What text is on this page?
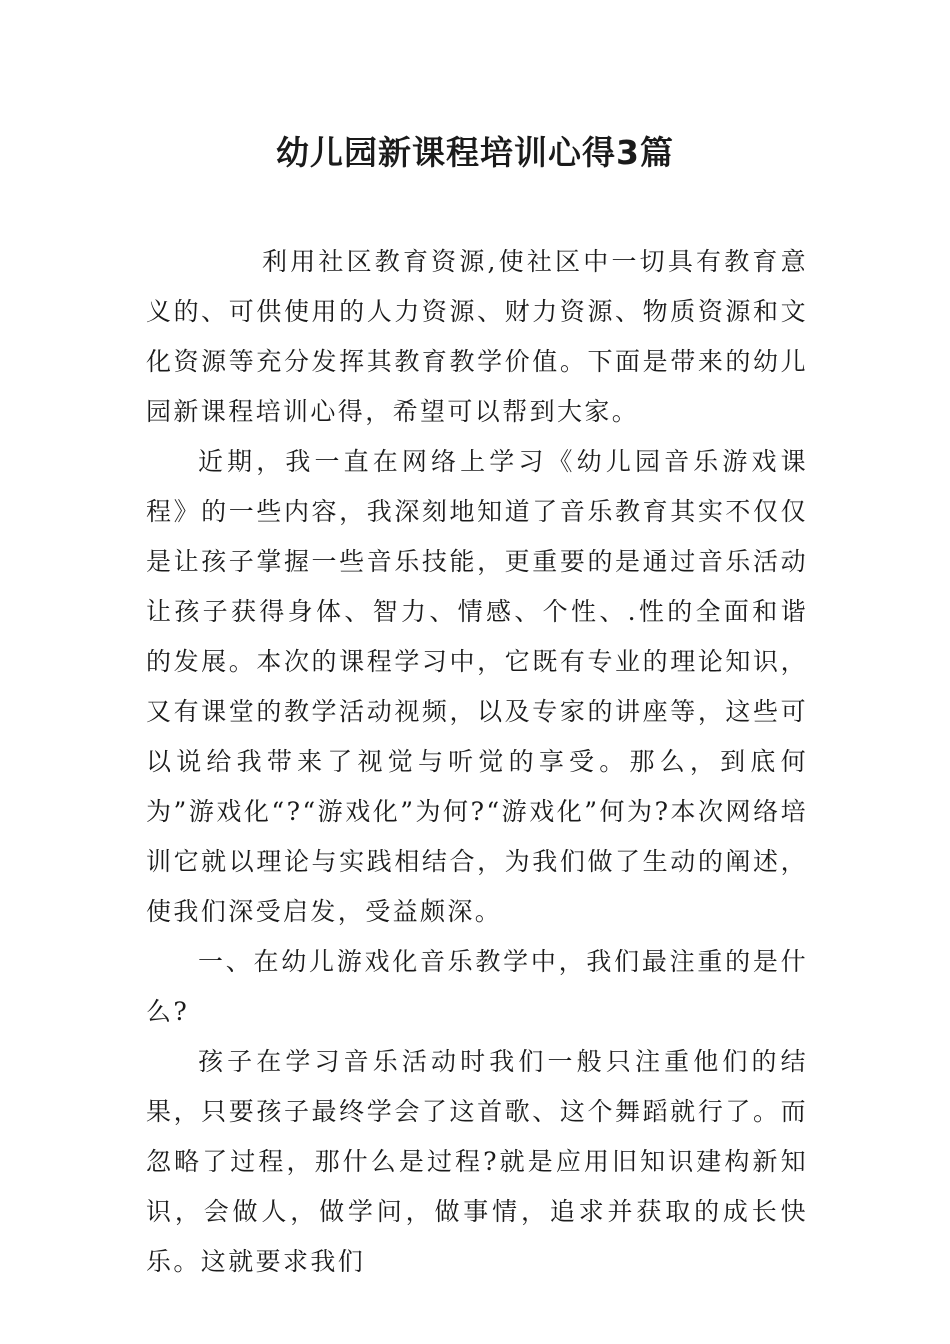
幼儿园新课程培训心得3篇

利用社区教育资源,使社区中一切具有教育意义的、可供使用的人力资源、财力资源、物质资源和文化资源等充分发挥其教育教学价值。下面是带来的幼儿园新课程培训心得，希望可以帮到大家。

近期，我一直在网络上学习《幼儿园音乐游戏课程》的一些内容，我深刻地知道了音乐教育其实不仅仅是让孩子掌握一些音乐技能，更重要的是通过音乐活动让孩子获得身体、智力、情感、个性、.性的全面和谐的发展。本次的课程学习中，它既有专业的理论知识，又有课堂的教学活动视频，以及专家的讲座等，这些可以说给我带来了视觉与听觉的享受。那么，到底何为”游戏化“?“游戏化”为何?“游戏化”何为?本次网络培训它就以理论与实践相结合，为我们做了生动的阐述，使我们深受启发，受益颇深。

一、在幼儿游戏化音乐教学中，我们最注重的是什么?

孩子在学习音乐活动时我们一般只注重他们的结果，只要孩子最终学会了这首歌、这个舞蹈就行了。而忽略了过程，那什么是过程?就是应用旧知识建构新知识，会做人，做学问，做事情，追求并获取的成长快乐。这就要求我们
